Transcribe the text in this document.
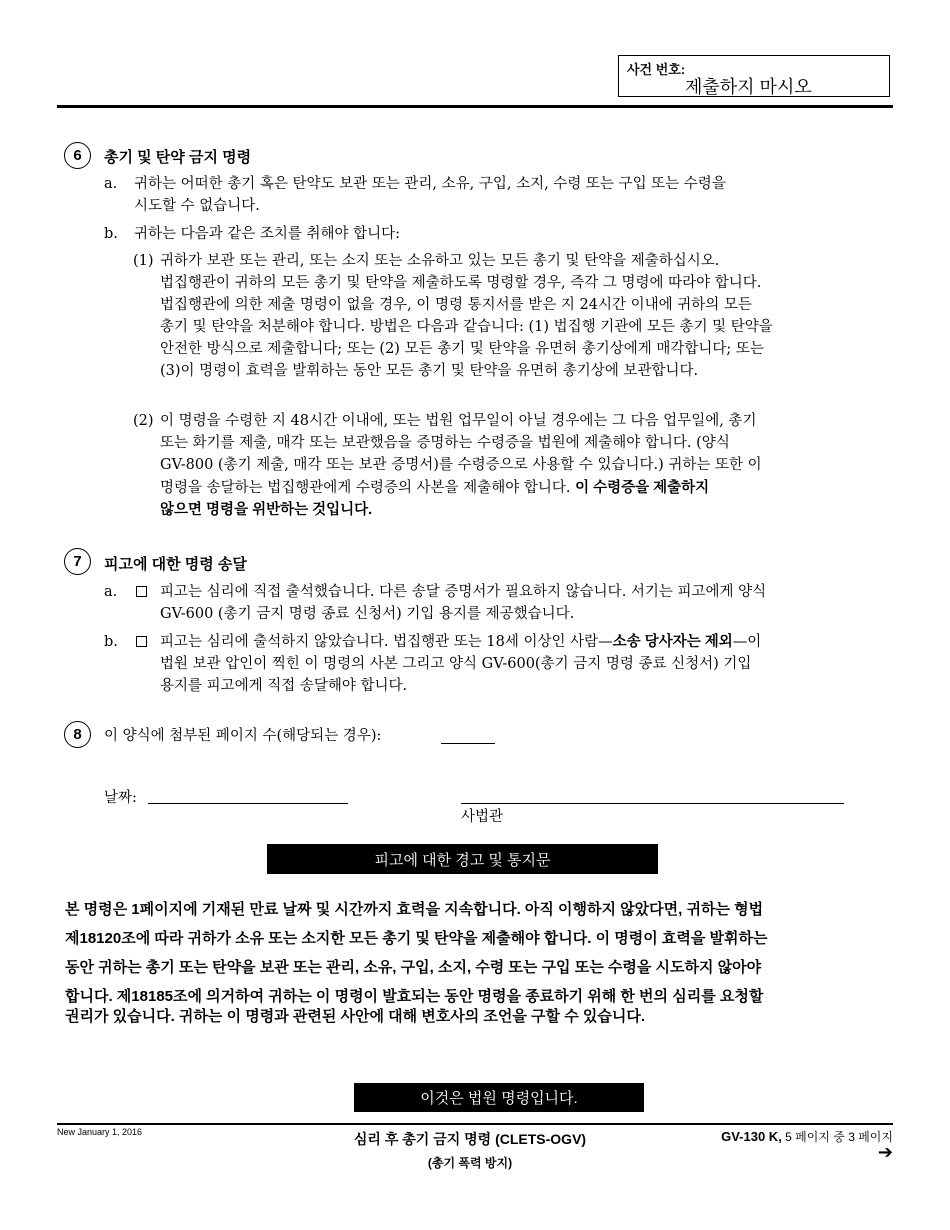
사건 번호:
제출하지 마시오
6	총기 및 탄약 금지 명령
a. 귀하는 어떠한 총기 혹은 탄약도 보관 또는 관리, 소유, 구입, 소지, 수령 또는 구입 또는 수령을
시도할 수 없습니다.
b. 귀하는 다음과 같은 조치를 취해야 합니다:
(1) 귀하가 보관 또는 관리, 또는 소지 또는 소유하고 있는 모든 총기 및 탄약을 제출하십시오.
법집행관이 귀하의 모든 총기 및 탄약을 제출하도록 명령할 경우, 즉각 그 명령에 따라야 합니다.
법집행관에 의한 제출 명령이 없을 경우, 이 명령 통지서를 받은 지 24시간 이내에 귀하의 모든
총기 및 탄약을 처분해야 합니다. 방법은 다음과 같습니다: (1) 법집행 기관에 모든 총기 및 탄약을
안전한 방식으로 제출합니다; 또는 (2) 모든 총기 및 탄약을 유면허 총기상에게 매각합니다; 또는
(3)이 명령이 효력을 발휘하는 동안 모든 총기 및 탄약을 유면허 총기상에 보관합니다.
(2) 이 명령을 수령한 지 48시간 이내에, 또는 법원 업무일이 아닐 경우에는 그 다음 업무일에, 총기
또는 화기를 제출, 매각 또는 보관했음을 증명하는 수령증을 법원에 제출해야 합니다. (양식
GV-800 (총기 제출, 매각 또는 보관 증명서)를 수령증으로 사용할 수 있습니다.) 귀하는 또한 이
명령을 송달하는 법집행관에게 수령증의 사본을 제출해야 합니다. 이 수령증을 제출하지
않으면 명령을 위반하는 것입니다.
7	피고에 대한 명령 송달
a.	피고는 심리에 직접 출석했습니다. 다른 송달 증명서가 필요하지 않습니다. 서기는 피고에게 양식
GV-600 (총기 금지 명령 종료 신청서) 기입 용지를 제공했습니다.
b.	피고는 심리에 출석하지 않았습니다. 법집행관 또는 18세 이상인 사람—소송 당사자는 제외—이
법원 보관 압인이 찍힌 이 명령의 사본 그리고 양식 GV-600(총기 금지 명령 종료 신청서) 기입
용지를 피고에게 직접 송달해야 합니다.
8	이 양식에 첨부된 페이지 수(해당되는 경우):
날짜:
사법관
피고에 대한 경고 및 통지문
본 명령은 1페이지에 기재된 만료 날짜 및 시간까지 효력을 지속합니다. 아직 이행하지 않았다면, 귀하는 형법
제18120조에 따라 귀하가 소유 또는 소지한 모든 총기 및 탄약을 제출해야 합니다. 이 명령이 효력을 발휘하는
동안 귀하는 총기 또는 탄약을 보관 또는 관리, 소유, 구입, 소지, 수령 또는 구입 또는 수령을 시도하지 않아야
합니다. 제18185조에 의거하여 귀하는 이 명령이 발효되는 동안 명령을 종료하기 위해 한 번의 심리를 요청할
권리가 있습니다. 귀하는 이 명령과 관련된 사안에 대해 변호사의 조언을 구할 수 있습니다.
이것은 법원 명령입니다.
New January 1, 2016	심리 후 총기 금지 명령 (CLETS-OGV)
(총기 폭력 방지)
GV-130 K, 5 페이지 중 3 페이지
➔
